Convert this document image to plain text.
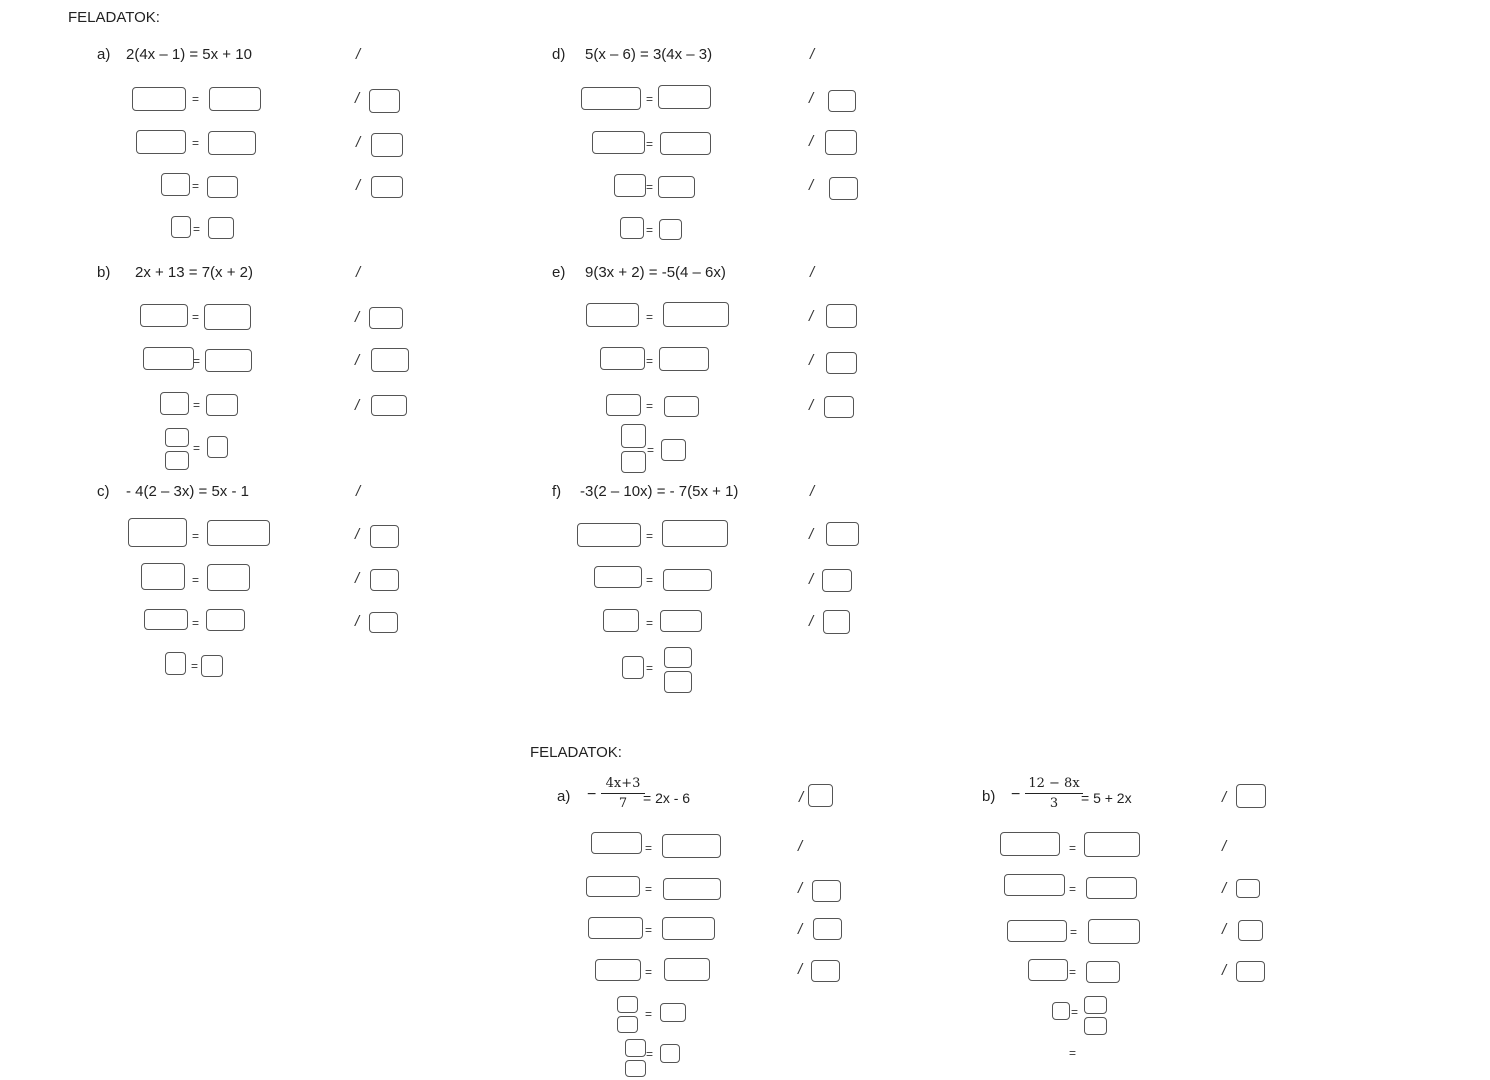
FELADATOK:
a) 2(4x – 1) = 5x + 10	/
=	/
=	/
=	/
=
b) 2x + 13 = 7(x + 2)	/
=	/
=	/
=	/
=
c) - 4(2 – 3x) = 5x - 1	/
=	/
=	/
=	/
=
d) 5(x – 6) = 3(4x – 3)	/
=	/
=	/
=	/
=
e) 9(3x + 2) = -5(4 – 6x)	/
=	/
=	/
=	/
=
f) -3(2 – 10x) = - 7(5x + 1)	/
=	/
=	/
=	/
=
FELADATOK:
a) −
4x+3
7	= 2x - 6	/
=	/
=	/
=	/
=	/
=
=
b) −
12 − 8x
3	= 5 + 2x	/
=	/
=	/
=	/
=	/
=
=
